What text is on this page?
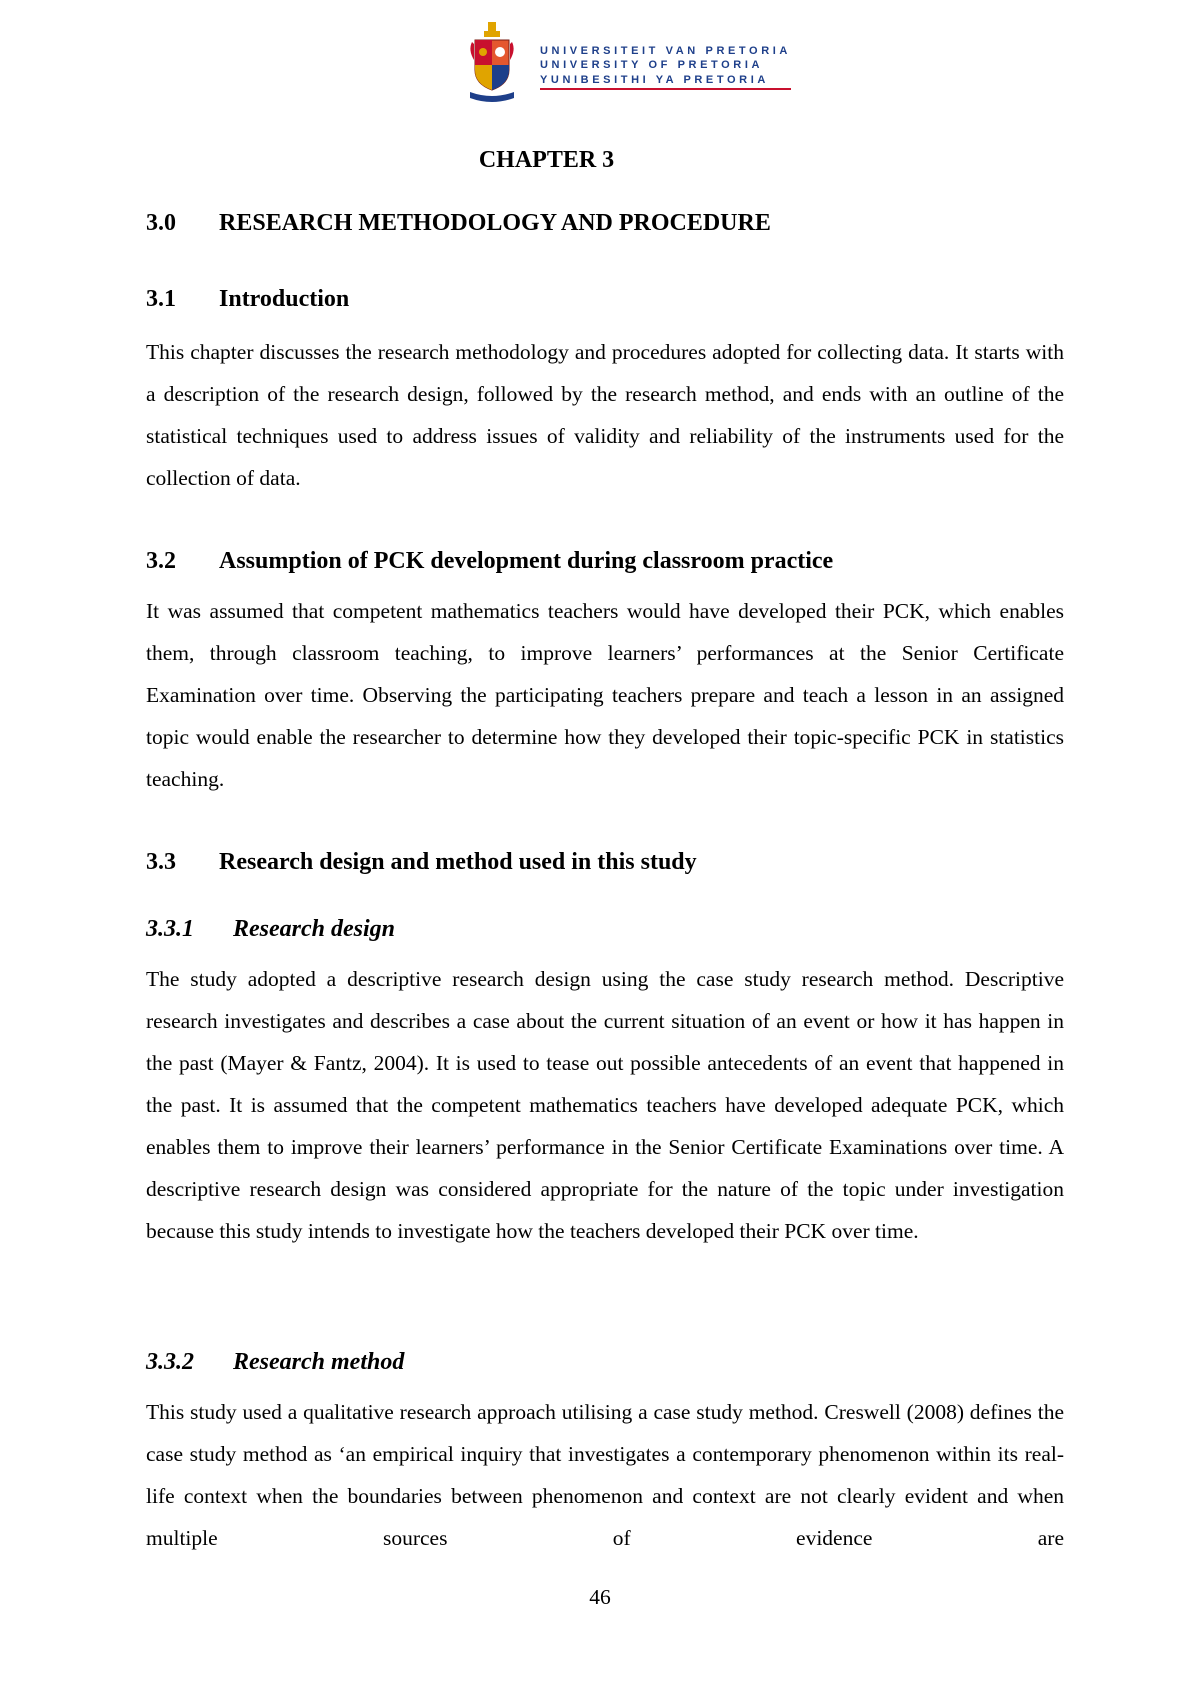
UNIVERSITEIT VAN PRETORIA
UNIVERSITY OF PRETORIA
YUNIBESITHI YA PRETORIA
CHAPTER 3
3.0 RESEARCH METHODOLOGY AND PROCEDURE
3.1 Introduction
This chapter discusses the research methodology and procedures adopted for collecting data. It starts with a description of the research design, followed by the research method, and ends with an outline of the statistical techniques used to address issues of validity and reliability of the instruments used for the collection of data.
3.2 Assumption of PCK development during classroom practice
It was assumed that competent mathematics teachers would have developed their PCK, which enables them, through classroom teaching, to improve learners’ performances at the Senior Certificate Examination over time. Observing the participating teachers prepare and teach a lesson in an assigned topic would enable the researcher to determine how they developed their topic-specific PCK in statistics teaching.
3.3 Research design and method used in this study
3.3.1 Research design
The study adopted a descriptive research design using the case study research method. Descriptive research investigates and describes a case about the current situation of an event or how it has happen in the past (Mayer & Fantz, 2004). It is used to tease out possible antecedents of an event that happened in the past. It is assumed that the competent mathematics teachers have developed adequate PCK, which enables them to improve their learners’ performance in the Senior Certificate Examinations over time. A descriptive research design was considered appropriate for the nature of the topic under investigation because this study intends to investigate how the teachers developed their PCK over time.
3.3.2 Research method
This study used a qualitative research approach utilising a case study method. Creswell (2008) defines the case study method as ‘an empirical inquiry that investigates a contemporary phenomenon within its real-life context when the boundaries between phenomenon and context are not clearly evident and when multiple sources of evidence are
46
